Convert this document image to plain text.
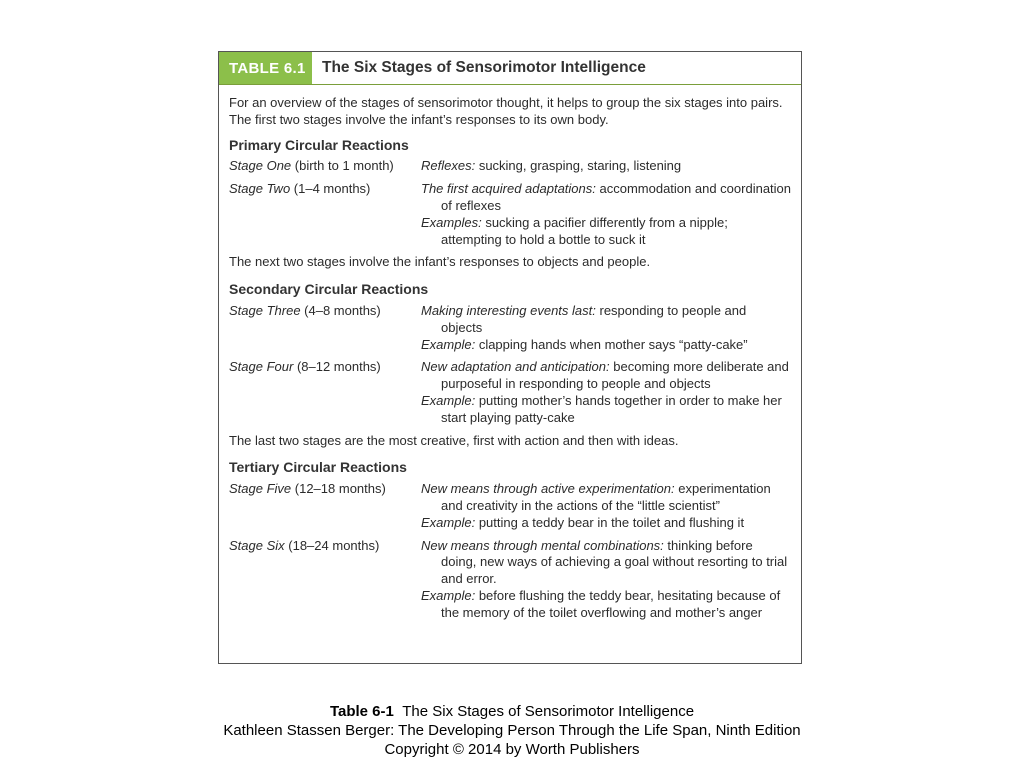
TABLE 6.1	The Six Stages of Sensorimotor Intelligence

For an overview of the stages of sensorimotor thought, it helps to group the six stages into pairs. The first two stages involve the infant’s responses to its own body.

Primary Circular Reactions
Stage One (birth to 1 month)	Reflexes: sucking, grasping, staring, listening

Stage Two (1–4 months)	The first acquired adaptations: accommodation and coordination of reflexes

Examples: sucking a pacifier differently from a nipple; attempting to hold a bottle to suck it

The next two stages involve the infant’s responses to objects and people.

Secondary Circular Reactions
Stage Three (4–8 months)	Making interesting events last: responding to people and objects

Example: clapping hands when mother says “patty-cake”

Stage Four (8–12 months)	New adaptation and anticipation: becoming more deliberate and purposeful in responding to people and objects

Example: putting mother’s hands together in order to make her start playing patty-cake

The last two stages are the most creative, first with action and then with ideas.

Tertiary Circular Reactions
Stage Five (12–18 months)	New means through active experimentation: experimentation and creativity in the actions of the “little scientist”

Example: putting a teddy bear in the toilet and flushing it

Stage Six (18–24 months)	New means through mental combinations: thinking before doing, new ways of achieving a goal without resorting to trial and error.

Example: before flushing the teddy bear, hesitating because of the memory of the toilet overflowing and mother’s anger

Table 6-1 The Six Stages of Sensorimotor Intelligence
Kathleen Stassen Berger: The Developing Person Through the Life Span, Ninth Edition
Copyright © 2014 by Worth Publishers
